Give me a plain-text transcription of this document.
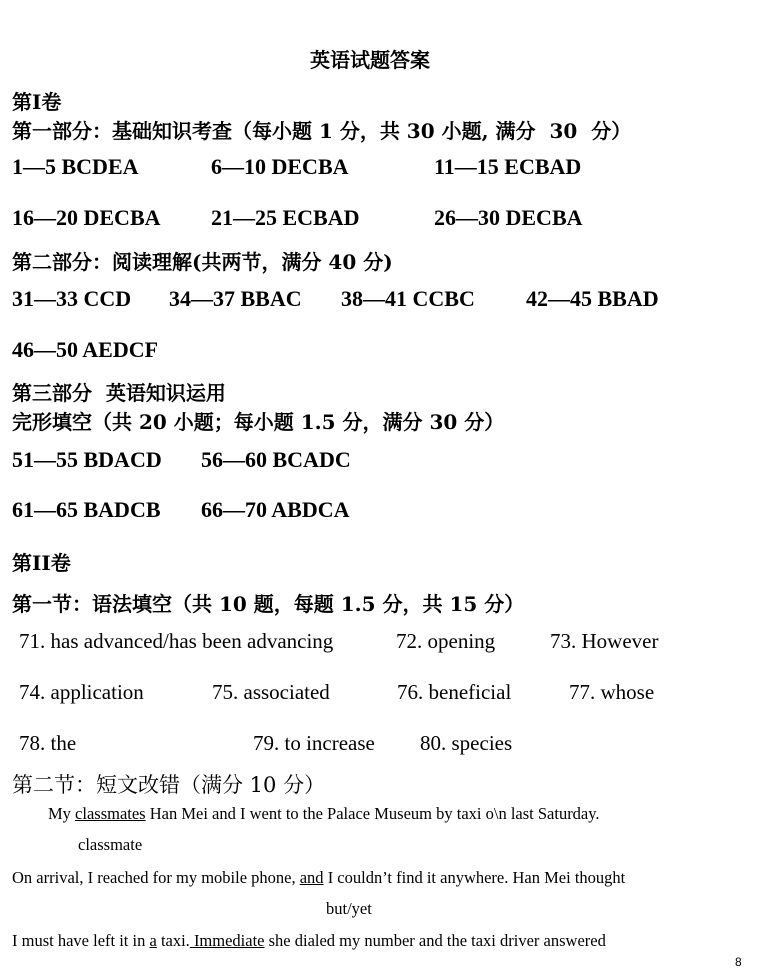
英语试题答案
第I卷
第一部分：基础知识考查（每小题 1 分，共 30 小题, 满分  30  分）
1—5 BCDEA	6—10 DECBA	11—15 ECBAD
16—20 DECBA 21—25 ECBAD	26—30 DECBA
第二部分：阅读理解(共两节，满分 40 分)
31—33 CCD 34—37 BBAC 38—41 CCBC 42—45 BBAD
46—50 AEDCF
第三部分  英语知识运用
完形填空（共 20 小题；每小题 1.5 分，满分 30 分）
51—55 BDACD 56—60 BCADC
61—65 BADCB 66—70 ABDCA
第II卷
第一节：语法填空（共 10 题，每题 1.5 分，共 15 分）
71. has advanced/has been advancing	72. opening	73. However
74. application	75. associated	76. beneficial	77. whose
78. the	79. to increase 80. species
第二节：短文改错（满分 10 分）
My classmates Han Mei and I went to the Palace Museum by taxi o\n last Saturday.
classmate
On arrival, I reached for my mobile phone, and I couldn’t find it anywhere. Han Mei thought
but/yet
I must have left it in a taxi. Immediate she dialed my number and the taxi driver answered
8
